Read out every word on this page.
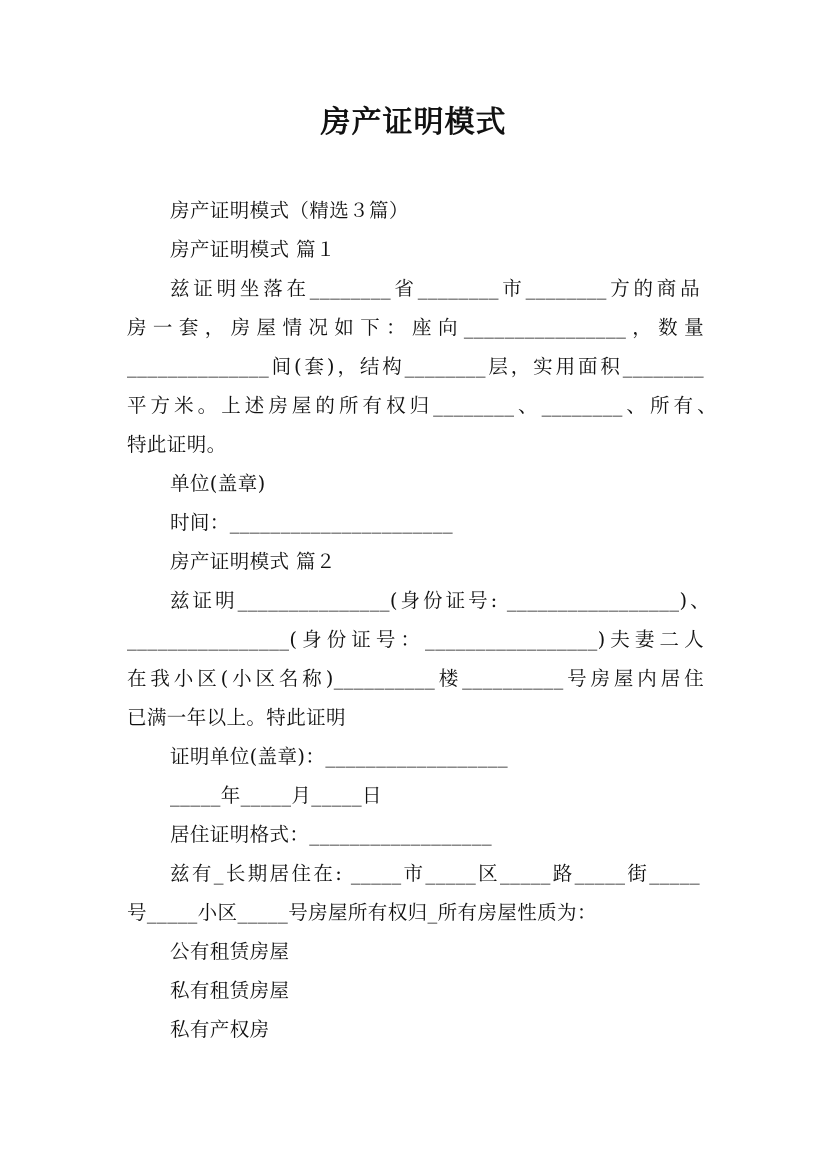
房产证明模式
房产证明模式（精选３篇）
房产证明模式 篇１
兹证明坐落在________省________市________方的商品
房一套，房屋情况如下：座向________________，数量
______________间(套)，结构________层，实用面积________
平方米。上述房屋的所有权归________、________、所有、
特此证明。
单位(盖章)
时间：______________________
房产证明模式 篇２
兹证明_______________(身份证号: _________________)、
________________(身份证号：_________________)夫妻二人
在我小区(小区名称)__________楼__________号房屋内居住
已满一年以上。特此证明
证明单位(盖章)：__________________
_____年_____月_____日
居住证明格式：__________________
兹有_长期居住在: _____市_____区_____路_____街_____
号_____小区_____号房屋所有权归_所有房屋性质为：
公有租赁房屋
私有租赁房屋
私有产权房
